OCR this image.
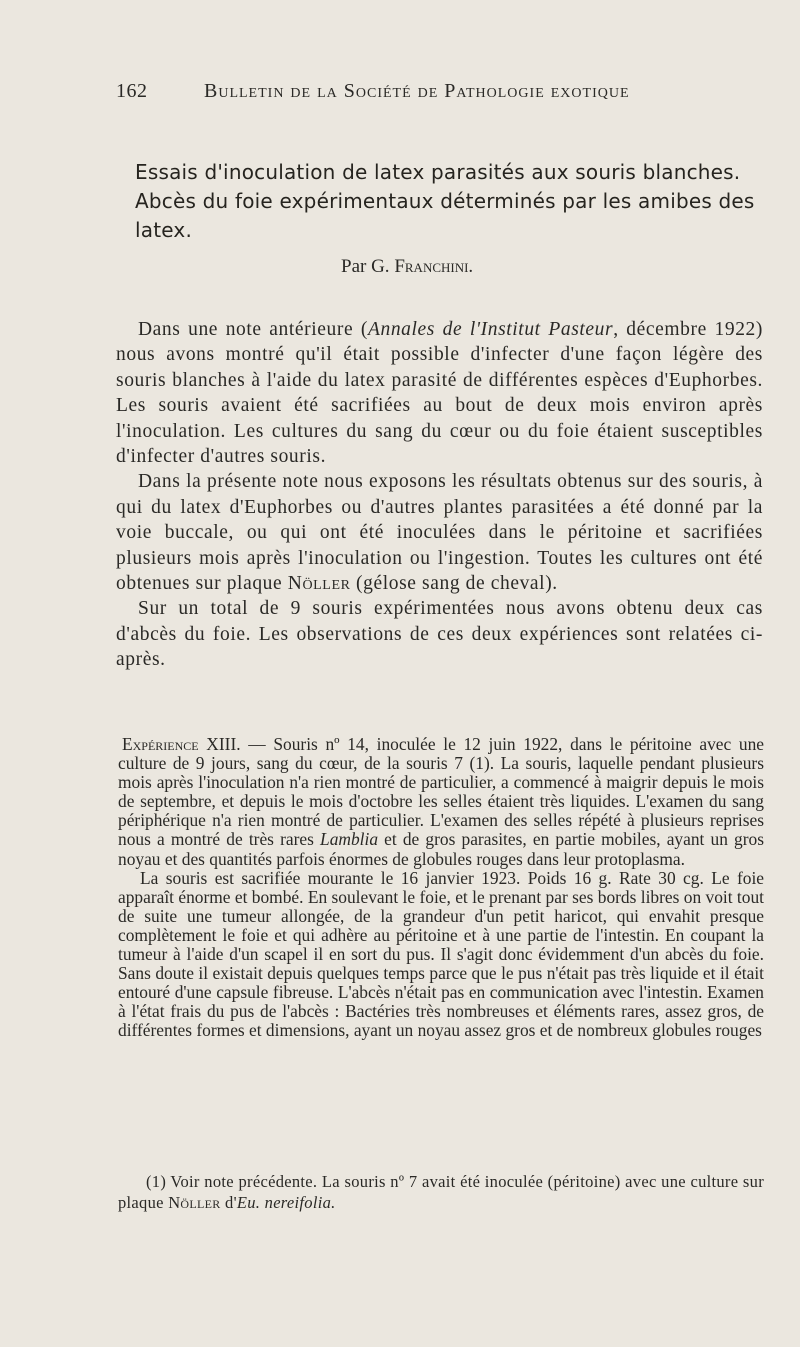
162	Bulletin de la Société de Pathologie exotique
Essais d'inoculation de latex parasités aux souris blanches. Abcès du foie expérimentaux déterminés par les amibes des latex.
Par G. Franchini.

Dans une note antérieure (Annales de l'Institut Pasteur, décembre 1922) nous avons montré qu'il était possible d'infecter d'une façon légère des souris blanches à l'aide du latex parasité de différentes espèces d'Euphorbes. Les souris avaient été sacrifiées au bout de deux mois environ après l'inoculation. Les cultures du sang du cœur ou du foie étaient susceptibles d'infecter d'autres souris.

Dans la présente note nous exposons les résultats obtenus sur des souris, à qui du latex d'Euphorbes ou d'autres plantes parasitées a été donné par la voie buccale, ou qui ont été inoculées dans le péritoine et sacrifiées plusieurs mois après l'inoculation ou l'ingestion. Toutes les cultures ont été obtenues sur plaque Nöller (gélose sang de cheval).

Sur un total de 9 souris expérimentées nous avons obtenu deux cas d'abcès du foie. Les observations de ces deux expériences sont relatées ci-après.

Expérience XIII. — Souris nº 14, inoculée le 12 juin 1922, dans le péritoine avec une culture de 9 jours, sang du cœur, de la souris 7 (1). La souris, laquelle pendant plusieurs mois après l'inoculation n'a rien montré de particulier, a commencé à maigrir depuis le mois de septembre, et depuis le mois d'octobre les selles étaient très liquides. L'examen du sang périphérique n'a rien montré de particulier. L'examen des selles répété à plusieurs reprises nous a montré de très rares Lamblia et de gros parasites, en partie mobiles, ayant un gros noyau et des quantités parfois énormes de globules rouges dans leur protoplasma.

La souris est sacrifiée mourante le 16 janvier 1923. Poids 16 g. Rate 30 cg. Le foie apparaît énorme et bombé. En soulevant le foie, et le prenant par ses bords libres on voit tout de suite une tumeur allongée, de la grandeur d'un petit haricot, qui envahit presque complètement le foie et qui adhère au péritoine et à une partie de l'intestin. En coupant la tumeur à l'aide d'un scapel il en sort du pus. Il s'agit donc évidemment d'un abcès du foie. Sans doute il existait depuis quelques temps parce que le pus n'était pas très liquide et il était entouré d'une capsule fibreuse. L'abcès n'était pas en communication avec l'intestin. Examen à l'état frais du pus de l'abcès : Bactéries très nombreuses et éléments rares, assez gros, de différentes formes et dimensions, ayant un noyau assez gros et de nombreux globules rouges

(1) Voir note précédente. La souris nº 7 avait été inoculée (péritoine) avec une culture sur plaque Nöller d'Eu. nereifolia.
